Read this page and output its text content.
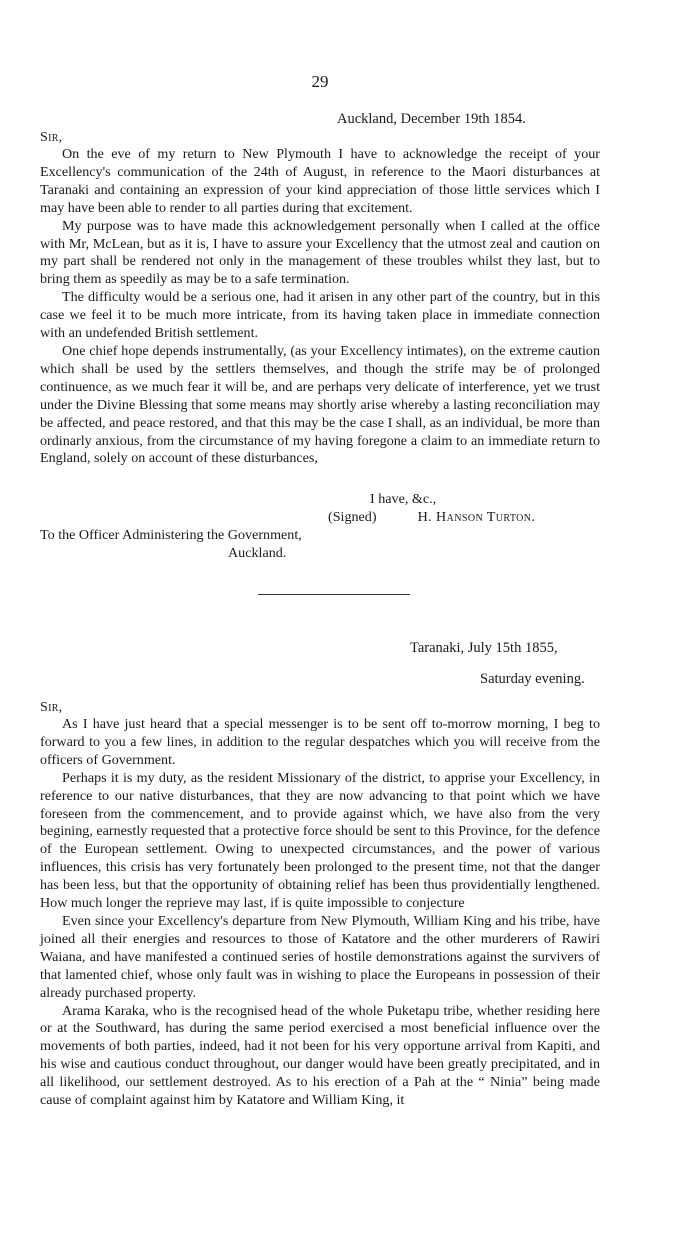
29
Auckland, December 19th 1854.
Sir,

On the eve of my return to New Plymouth I have to acknowledge the receipt of your Excellency's communication of the 24th of August, in reference to the Maori disturbances at Taranaki and containing an expression of your kind appreciation of those little services which I may have been able to render to all parties during that excitement.

My purpose was to have made this acknowledgement personally when I called at the office with Mr, McLean, but as it is, I have to assure your Excellency that the utmost zeal and caution on my part shall be rendered not only in the management of these troubles whilst they last, but to bring them as speedily as may be to a safe termination.

The difficulty would be a serious one, had it arisen in any other part of the country, but in this case we feel it to be much more intricate, from its having taken place in immediate connection with an undefended British settlement.

One chief hope depends instrumentally, (as your Excellency intimates), on the extreme caution which shall be used by the settlers themselves, and though the strife may be of prolonged continuence, as we much fear it will be, and are perhaps very delicate of interference, yet we trust under the Divine Blessing that some means may shortly arise whereby a lasting reconciliation may be affected, and peace restored, and that this may be the case I shall, as an individual, be more than ordinarly anxious, from the circumstance of my having foregone a claim to an immediate return to England, solely on account of these disturbances,

I have, &c.,
(Signed)	H. Hanson Turton.
To the Officer Administering the Government,
Auckland.
Taranaki, July 15th 1855,
Saturday evening.
Sir,

As I have just heard that a special messenger is to be sent off to-morrow morning, I beg to forward to you a few lines, in addition to the regular despatches which you will receive from the officers of Government.

Perhaps it is my duty, as the resident Missionary of the district, to apprise your Excellency, in reference to our native disturbances, that they are now advancing to that point which we have foreseen from the commencement, and to provide against which, we have also from the very begining, earnestly requested that a protective force should be sent to this Province, for the defence of the European settlement. Owing to unexpected circumstances, and the power of various influences, this crisis has very fortunately been prolonged to the present time, not that the danger has been less, but that the opportunity of obtaining relief has been thus providentially lengthened. How much longer the reprieve may last, if is quite impossible to conjecture

Even since your Excellency's departure from New Plymouth, William King and his tribe, have joined all their energies and resources to those of Katatore and the other murderers of Rawiri Waiana, and have manifested a continued series of hostile demonstrations against the survivers of that lamented chief, whose only fault was in wishing to place the Europeans in possession of their already purchased property.

Arama Karaka, who is the recognised head of the whole Puketapu tribe, whether residing here or at the Southward, has during the same period exercised a most beneficial influence over the movements of both parties, indeed, had it not been for his very opportune arrival from Kapiti, and his wise and cautious conduct throughout, our danger would have been greatly precipitated, and in all likelihood, our settlement destroyed. As to his erection of a Pah at the “ Ninia” being made cause of complaint against him by Katatore and William King, it
